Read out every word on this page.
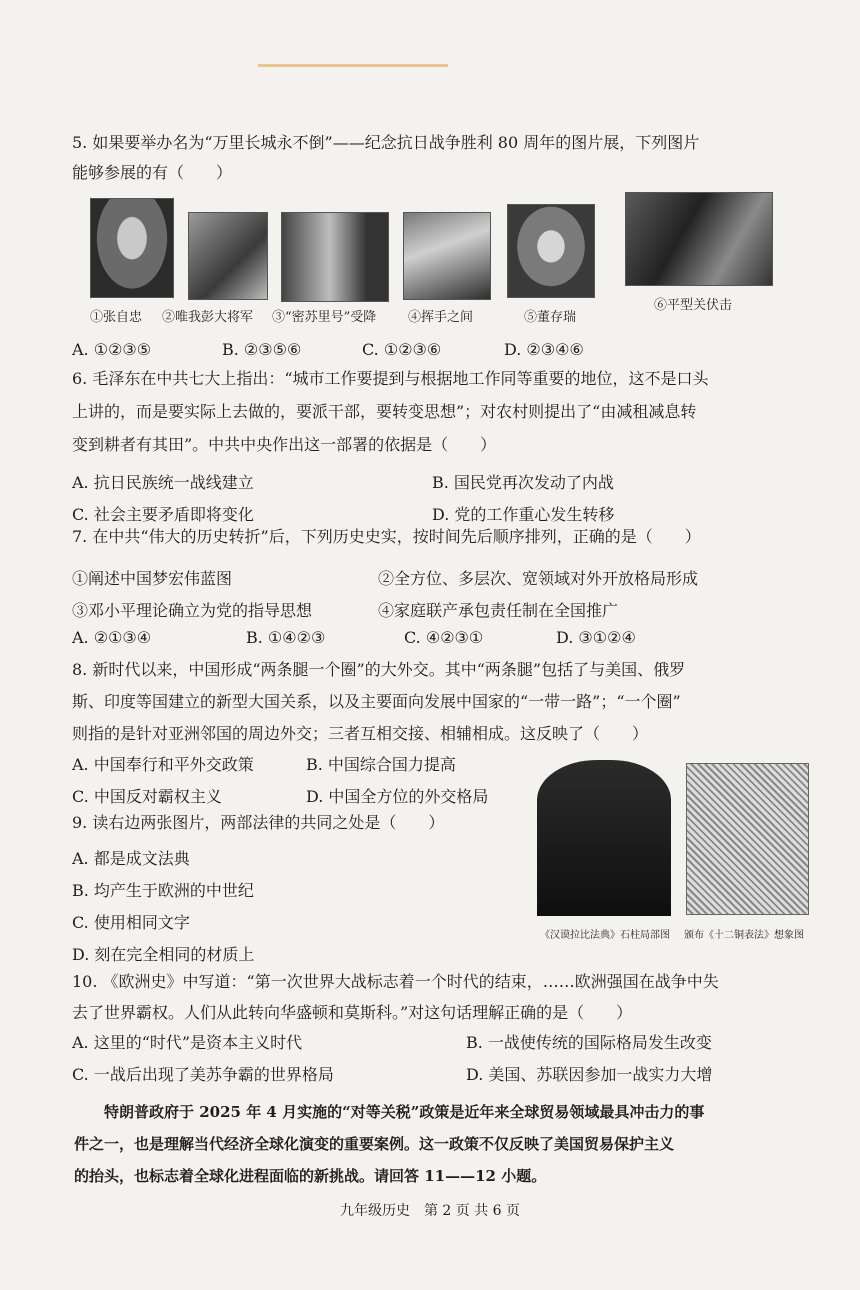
5. 如果要举办名为“万里长城永不倒”——纪念抗日战争胜利 80 周年的图片展，下列图片
能够参展的有（　　）
①张自忠 ②唯我彭大将军 ③“密苏里号”受降 ④挥手之间	⑤董存瑞
⑥平型关伏击
A. ①②③⑤	B. ②③⑤⑥	C. ①②③⑥	D. ②③④⑥
6. 毛泽东在中共七大上指出：“城市工作要提到与根据地工作同等重要的地位，这不是口头
上讲的，而是要实际上去做的，要派干部，要转变思想”；对农村则提出了“由减租减息转
变到耕者有其田”。中共中央作出这一部署的依据是（　　）
A. 抗日民族统一战线建立	B. 国民党再次发动了内战
C. 社会主要矛盾即将变化	D. 党的工作重心发生转移
7. 在中共“伟大的历史转折”后，下列历史史实，按时间先后顺序排列，正确的是（　　）
①阐述中国梦宏伟蓝图	②全方位、多层次、宽领域对外开放格局形成
③邓小平理论确立为党的指导思想	④家庭联产承包责任制在全国推广
A. ②①③④	B. ①④②③	C. ④②③①	D. ③①②④
8. 新时代以来，中国形成“两条腿一个圈”的大外交。其中“两条腿”包括了与美国、俄罗
斯、印度等国建立的新型大国关系，以及主要面向发展中国家的“一带一路”；“一个圈”
则指的是针对亚洲邻国的周边外交；三者互相交接、相辅相成。这反映了（　　）
A. 中国奉行和平外交政策	B. 中国综合国力提高
C. 中国反对霸权主义	D. 中国全方位的外交格局
9. 读右边两张图片，两部法律的共同之处是（　　）
A. 都是成文法典
B. 均产生于欧洲的中世纪
C. 使用相同文字
D. 刻在完全相同的材质上
《汉谟拉比法典》石柱局部图 颁布《十二铜表法》想象图
10. 《欧洲史》中写道：“第一次世界大战标志着一个时代的结束，……欧洲强国在战争中失
去了世界霸权。人们从此转向华盛顿和莫斯科。”对这句话理解正确的是（　　）
A. 这里的“时代”是资本主义时代	B. 一战使传统的国际格局发生改变
C. 一战后出现了美苏争霸的世界格局	D. 美国、苏联因参加一战实力大增
特朗普政府于 2025 年 4 月实施的“对等关税”政策是近年来全球贸易领域最具冲击力的事
件之一，也是理解当代经济全球化演变的重要案例。这一政策不仅反映了美国贸易保护主义
的抬头，也标志着全球化进程面临的新挑战。请回答 11——12 小题。
九年级历史　第 2 页 共 6 页
